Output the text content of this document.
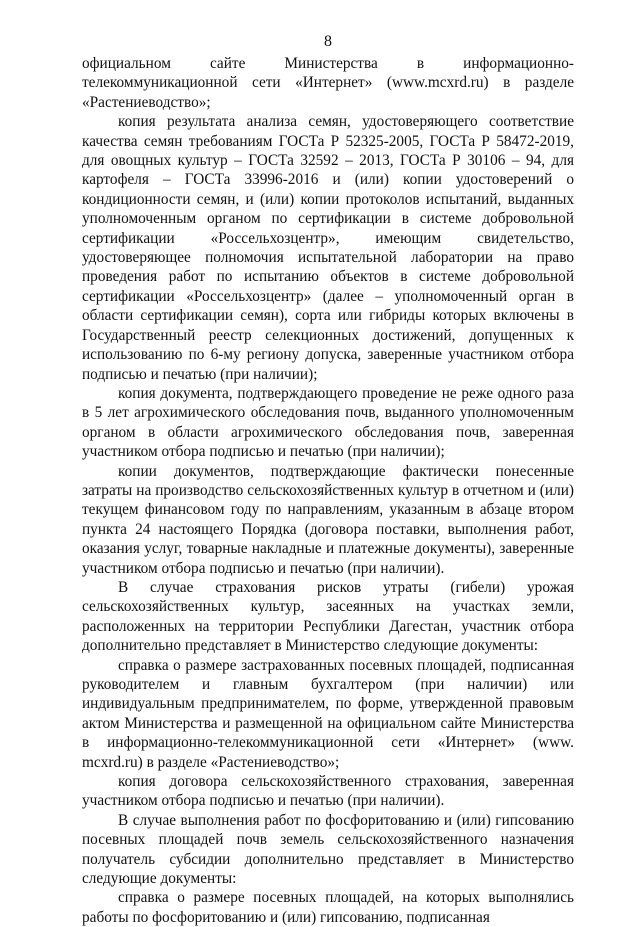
8

официальном сайте Министерства в информационно-телекоммуникационной сети «Интернет» (www.mcxrd.ru) в разделе «Растениеводство»;

копия результата анализа семян, удостоверяющего соответствие качества семян требованиям ГОСТа Р 52325-2005, ГОСТа Р 58472-2019, для овощных культур – ГОСТа 32592 – 2013, ГОСТа Р 30106 – 94, для картофеля – ГОСТа 33996-2016 и (или) копии удостоверений о кондиционности семян, и (или) копии протоколов испытаний, выданных уполномоченным органом по сертификации в системе добровольной сертификации «Россельхозцентр», имеющим свидетельство, удостоверяющее полномочия испытательной лаборатории на право проведения работ по испытанию объектов в системе добровольной сертификации «Россельхозцентр» (далее – уполномоченный орган в области сертификации семян), сорта или гибриды которых включены в Государственный реестр селекционных достижений, допущенных к использованию по 6-му региону допуска, заверенные участником отбора подписью и печатью (при наличии);

копия документа, подтверждающего проведение не реже одного раза в 5 лет агрохимического обследования почв, выданного уполномоченным органом в области агрохимического обследования почв, заверенная участником отбора подписью и печатью (при наличии);

копии документов, подтверждающие фактически понесенные затраты на производство сельскохозяйственных культур в отчетном и (или) текущем финансовом году по направлениям, указанным в абзаце втором пункта 24 настоящего Порядка (договора поставки, выполнения работ, оказания услуг, товарные накладные и платежные документы), заверенные участником отбора подписью и печатью (при наличии).

В случае страхования рисков утраты (гибели) урожая сельскохозяйственных культур, засеянных на участках земли, расположенных на территории Республики Дагестан, участник отбора дополнительно представляет в Министерство следующие документы:

справка о размере застрахованных посевных площадей, подписанная руководителем и главным бухгалтером (при наличии) или индивидуальным предпринимателем, по форме, утвержденной правовым актом Министерства и размещенной на официальном сайте Министерства в информационно-телекоммуникационной сети «Интернет» (www. mcxrd.ru) в разделе «Растениеводство»;

копия договора сельскохозяйственного страхования, заверенная участником отбора подписью и печатью (при наличии).

В случае выполнения работ по фосфоритованию и (или) гипсованию посевных площадей почв земель сельскохозяйственного назначения получатель субсидии дополнительно представляет в Министерство следующие документы:

справка о размере посевных площадей, на которых выполнялись работы по фосфоритованию и (или) гипсованию, подписанная
